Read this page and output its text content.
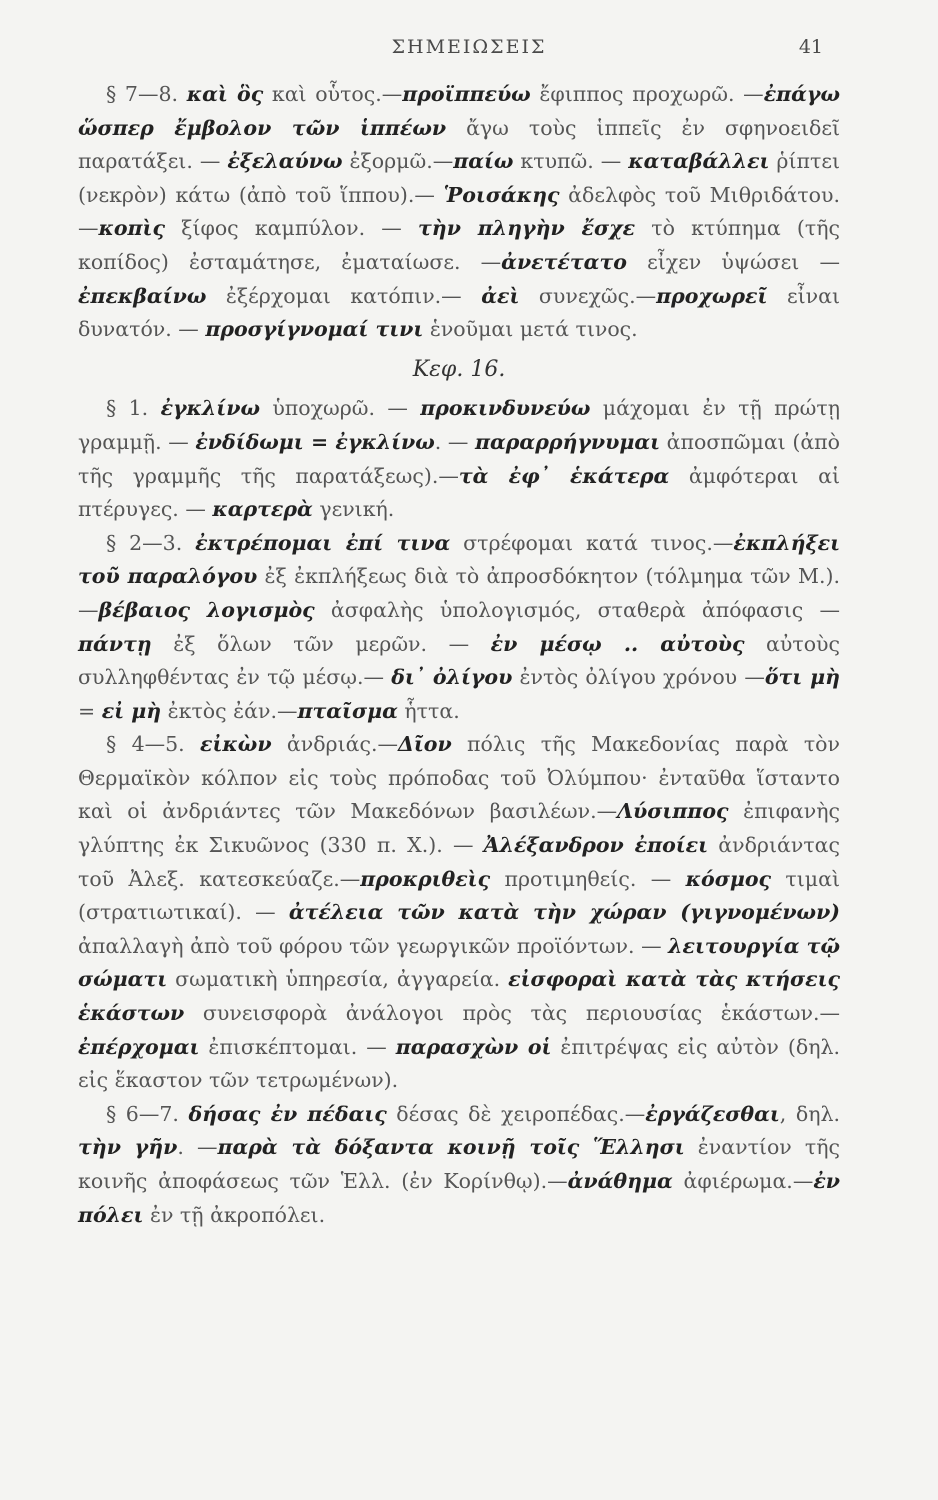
ΣΗΜΕΙΩΣΕΙΣ	41

§ 7—8. καὶ ὃς καὶ οὗτος.—προϊππεύω ἔφιππος προχωρῶ. —ἐπάγω ὥσπερ ἔμβολον τῶν ἱππέων ἄγω τοὺς ἱππεῖς ἐν σφηνοειδεῖ παρατάξει. — ἐξελαύνω ἐξορμῶ.—παίω κτυπῶ. — καταβάλλει ῥίπτει (νεκρὸν) κάτω (ἀπὸ τοῦ ἵππου).— Ῥοισάκης ἀδελφὸς τοῦ Μιθριδάτου. —κοπὶς ξίφος καμπύλον. — τὴν πληγὴν ἔσχε τὸ κτύπημα (τῆς κοπίδος) ἐσταμάτησε, ἐματαίωσε. —ἀνετέτατο εἶχεν ὑψώσει —ἐπεκβαίνω ἐξέρχομαι κατόπιν.— ἀεὶ συνεχῶς.—προχωρεῖ εἶναι δυνατόν. — προσγίγνομαί τινι ἑνοῦμαι μετά τινος.

Κεφ. 16.

§ 1. ἐγκλίνω ὑποχωρῶ. — προκινδυνεύω μάχομαι ἐν τῇ πρώτῃ γραμμῇ. — ἐνδίδωμι = ἐγκλίνω. — παραρρήγνυμαι ἀποσπῶμαι (ἀπὸ τῆς γραμμῆς τῆς παρατάξεως).—τὰ ἐφ᾽ ἑκάτερα ἀμφότεραι αἱ πτέρυγες. — καρτερὰ γενική.

§ 2—3. ἐκτρέπομαι ἐπί τινα στρέφομαι κατά τινος.—ἐκπλήξει τοῦ παραλόγου ἐξ ἐκπλήξεως διὰ τὸ ἀπροσδόκητον (τόλμημα τῶν Μ.).—βέβαιος λογισμὸς ἀσφαλὴς ὑπολογισμός, σταθερὰ ἀπόφασις — πάντῃ ἐξ ὅλων τῶν μερῶν. — ἐν μέσῳ .. αὐτοὺς αὐτοὺς συλληφθέντας ἐν τῷ μέσῳ.— δι᾽ ὀλίγου ἐντὸς ὀλίγου χρόνου —ὅτι μὴ = εἰ μὴ ἐκτὸς ἐάν.—πταῖσμα ἧττα.

§ 4—5. εἰκὼν ἀνδριάς.—Δῖον πόλις τῆς Μακεδονίας παρὰ τὸν Θερμαϊκὸν κόλπον εἰς τοὺς πρόποδας τοῦ Ὀλύμπου· ἐνταῦθα ἵσταντο καὶ οἱ ἀνδριάντες τῶν Μακεδόνων βασιλέων.—Λύσιππος ἐπιφανὴς γλύπτης ἐκ Σικυῶνος (330 π. Χ.). — Ἀλέξανδρον ἐποίει ἀνδριάντας τοῦ Ἀλεξ. κατεσκεύαζε.—προκριθεὶς προτιμηθείς. — κόσμος τιμαὶ (στρατιωτικαί). — ἀτέλεια τῶν κατὰ τὴν χώραν (γιγνομένων) ἀπαλλαγὴ ἀπὸ τοῦ φόρου τῶν γεωργικῶν προϊόντων. — λειτουργία τῷ σώματι σωματικὴ ὑπηρεσία, ἀγγαρεία. εἰσφοραὶ κατὰ τὰς κτήσεις ἑκάστων συνεισφορὰ ἀνάλογοι πρὸς τὰς περιουσίας ἑκάστων.—ἐπέρχομαι ἐπισκέπτομαι. — παρασχὼν οἱ ἐπιτρέψας εἰς αὐτὸν (δηλ. εἰς ἕκαστον τῶν τετρωμένων).

§ 6—7. δήσας ἐν πέδαις δέσας δὲ χειροπέδας.—ἐργάζεσθαι, δηλ. τὴν γῆν. —παρὰ τὰ δόξαντα κοινῇ τοῖς Ἕλλησι ἐναντίον τῆς κοινῆς ἀποφάσεως τῶν Ἑλλ. (ἐν Κορίνθῳ).—ἀνάθημα ἀφιέρωμα.—ἐν πόλει ἐν τῇ ἀκροπόλει.
